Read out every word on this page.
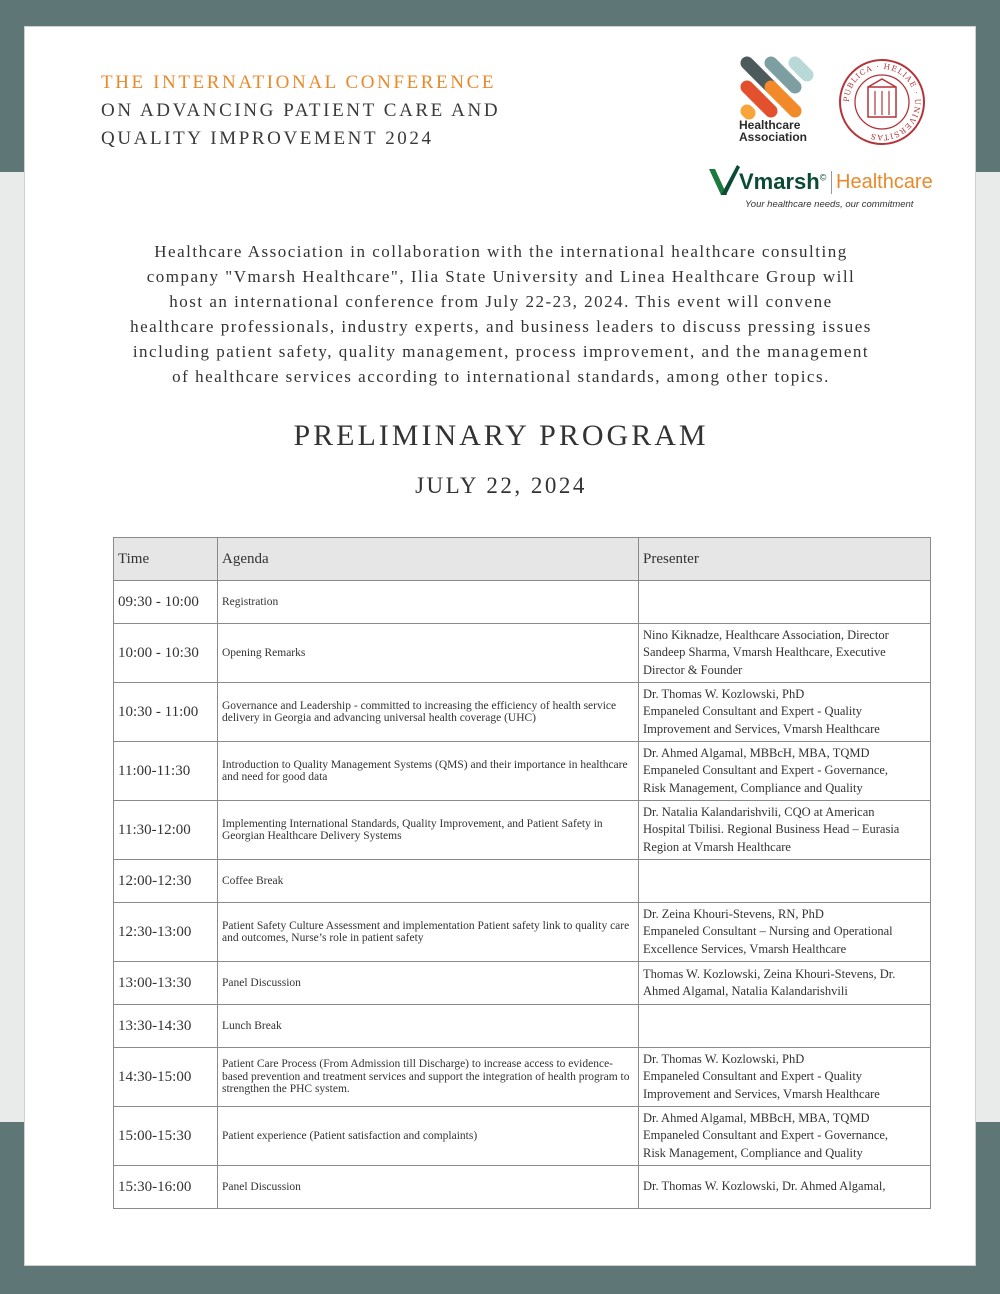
THE INTERNATIONAL CONFERENCE
ON ADVANCING PATIENT CARE AND
QUALITY IMPROVEMENT 2024
Healthcare
Association
PUBLICA · HELIAE · UNIVERSITAS
Vmarsh© Healthcare
Your healthcare needs, our commitment
Healthcare Association in collaboration with the international healthcare consulting
company "Vmarsh Healthcare", Ilia State University and Linea Healthcare Group will
host an international conference from July 22-23, 2024. This event will convene
healthcare professionals, industry experts, and business leaders to discuss pressing issues
including patient safety, quality management, process improvement, and the management
of healthcare services according to international standards, among other topics.
PRELIMINARY PROGRAM
JULY 22, 2024
Time	Agenda	Presenter
09:30 - 10:00	Registration	
10:00 - 10:30	Opening Remarks	Nino Kiknadze, Healthcare Association, Director
Sandeep Sharma, Vmarsh Healthcare, Executive
Director & Founder

10:30 - 11:00	Governance and Leadership - committed to increasing the efficiency of health service delivery in Georgia and advancing universal health coverage (UHC)	Dr. Thomas W. Kozlowski, PhD
Empaneled Consultant and Expert - Quality
Improvement and Services, Vmarsh Healthcare

11:00-11:30	Introduction to Quality Management Systems (QMS) and their importance in healthcare and need for good data	Dr. Ahmed Algamal, MBBcH, MBA, TQMD
Empaneled Consultant and Expert - Governance,
Risk Management, Compliance and Quality

11:30-12:00	Implementing International Standards, Quality Improvement, and Patient Safety in Georgian Healthcare Delivery Systems	Dr. Natalia Kalandarishvili, CQO at American
Hospital Tbilisi. Regional Business Head – Eurasia
Region at Vmarsh Healthcare

12:00-12:30	Coffee Break	
12:30-13:00	Patient Safety Culture Assessment and implementation Patient safety link to quality care and outcomes, Nurse’s role in patient safety	Dr. Zeina Khouri-Stevens, RN, PhD
Empaneled Consultant – Nursing and Operational
Excellence Services, Vmarsh Healthcare

13:00-13:30	Panel Discussion	Thomas W. Kozlowski, Zeina Khouri-Stevens, Dr.
Ahmed Algamal, Natalia Kalandarishvili

13:30-14:30	Lunch Break	
14:30-15:00	Patient Care Process (From Admission till Discharge) to increase access to evidence-based prevention and treatment services and support the integration of health program to strengthen the PHC system.	Dr. Thomas W. Kozlowski, PhD
Empaneled Consultant and Expert - Quality
Improvement and Services, Vmarsh Healthcare

15:00-15:30	Patient experience (Patient satisfaction and complaints)	Dr. Ahmed Algamal, MBBcH, MBA, TQMD
Empaneled Consultant and Expert - Governance,
Risk Management, Compliance and Quality

15:30-16:00	Panel Discussion	Dr. Thomas W. Kozlowski, Dr. Ahmed Algamal,
